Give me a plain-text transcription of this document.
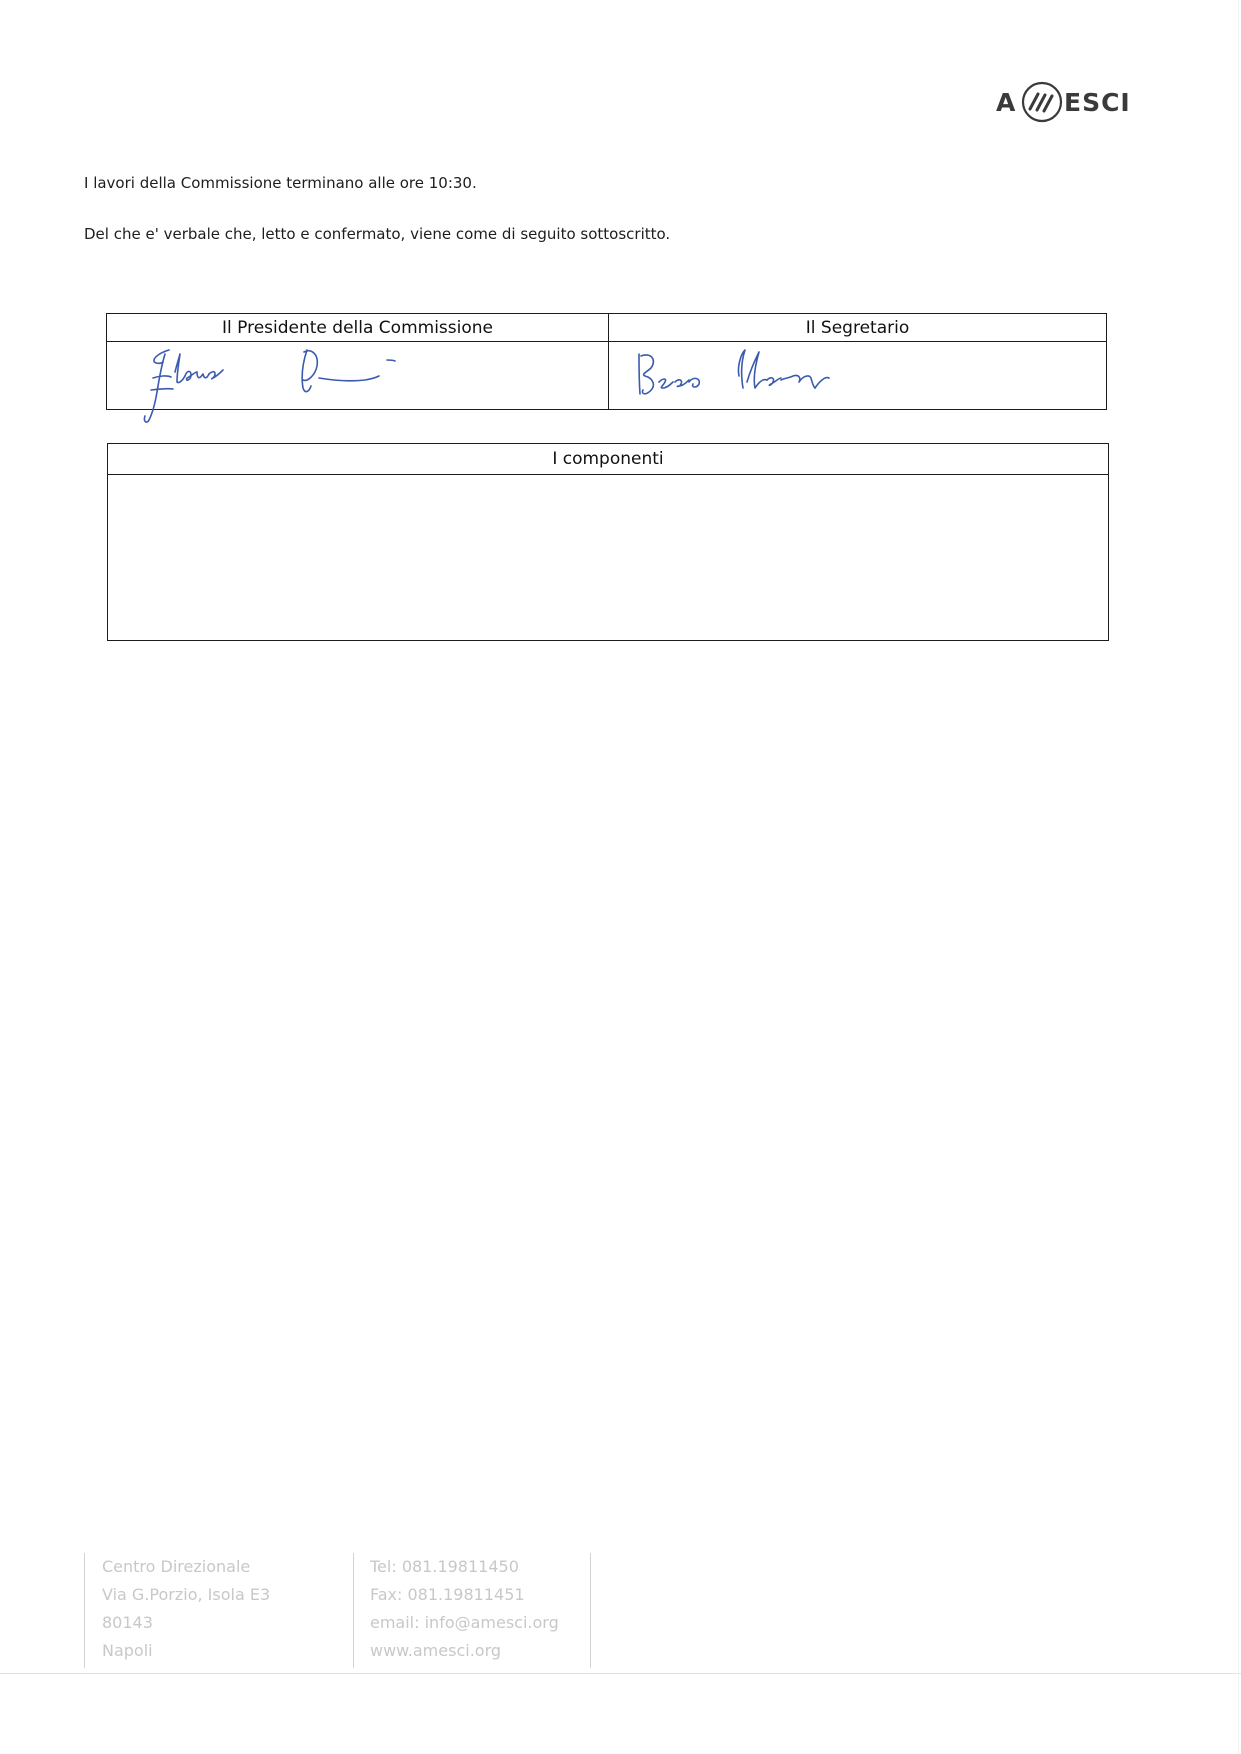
A ESCI
I lavori della Commissione terminano alle ore 10:30.
Del che e' verbale che, letto e confermato, viene come di seguito sottoscritto.
Il Presidente della Commissione	Il Segretario

I componenti

Centro Direzionale
Via G.Porzio, Isola E3
80143
Napoli
Tel: 081.19811450
Fax: 081.19811451
email: info@amesci.org
www.amesci.org
